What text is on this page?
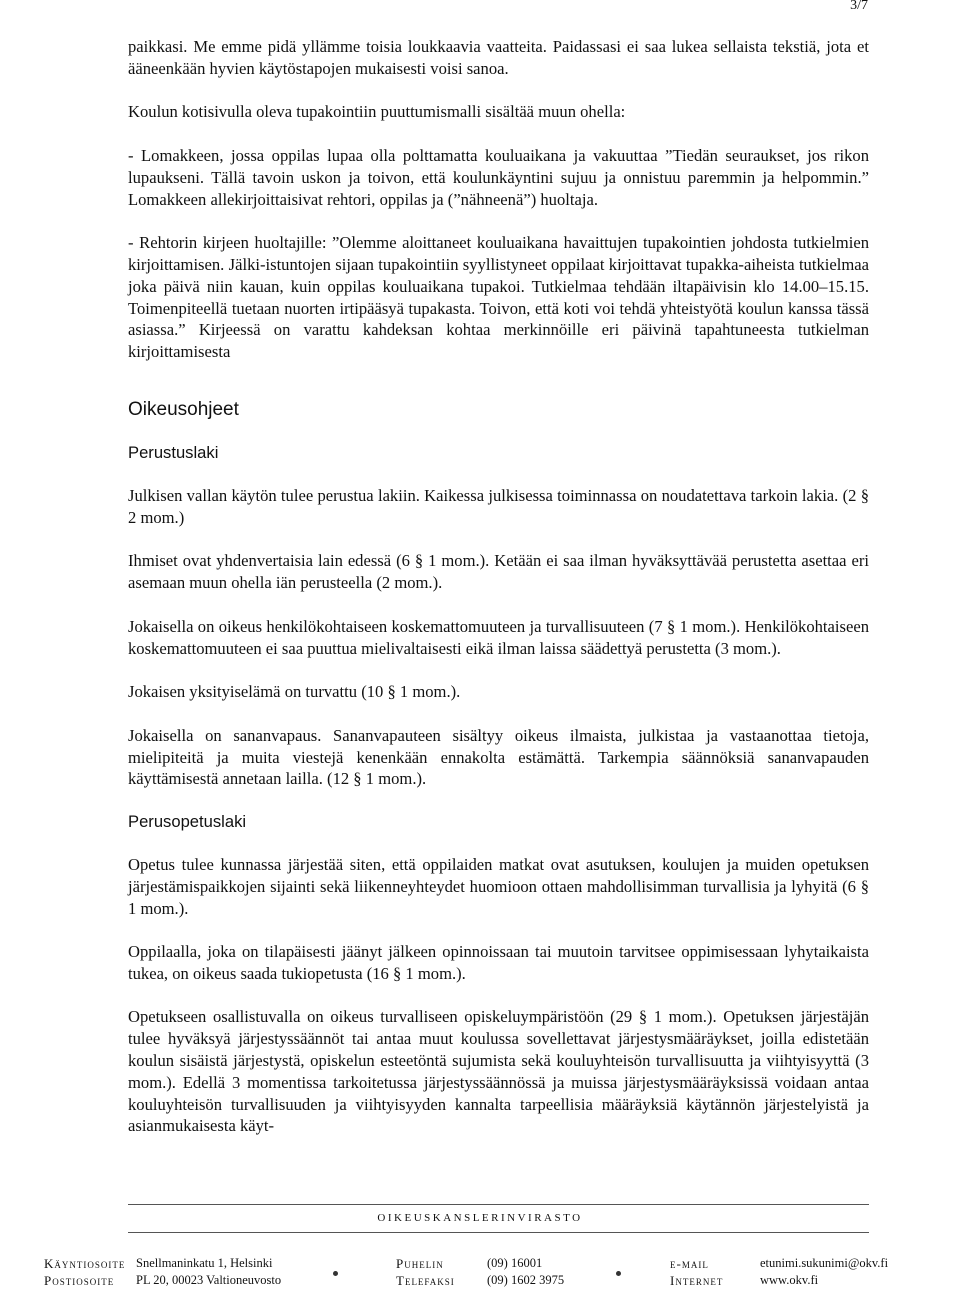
3/7

paikkasi. Me emme pidä yllämme toisia loukkaavia vaatteita. Paidassasi ei saa lukea sellaista tekstiä, jota et ääneenkään hyvien käytöstapojen mukaisesti voisi sanoa.

Koulun kotisivulla oleva tupakointiin puuttumismalli sisältää muun ohella:

- Lomakkeen, jossa oppilas lupaa olla polttamatta kouluaikana ja vakuuttaa ”Tiedän seuraukset, jos rikon lupaukseni. Tällä tavoin uskon ja toivon, että koulunkäyntini sujuu ja onnistuu paremmin ja helpommin.” Lomakkeen allekirjoittaisivat rehtori, oppilas ja (”nähneenä”) huoltaja.

- Rehtorin kirjeen huoltajille: ”Olemme aloittaneet kouluaikana havaittujen tupakointien johdosta tutkielmien kirjoittamisen. Jälki-istuntojen sijaan tupakointiin syyllistyneet oppilaat kirjoittavat tupakka-aiheista tutkielmaa joka päivä niin kauan, kuin oppilas kouluaikana tupakoi. Tutkielmaa tehdään iltapäivisin klo 14.00–15.15. Toimenpiteellä tuetaan nuorten irtipääsyä tupakasta. Toivon, että koti voi tehdä yhteistyötä koulun kanssa tässä asiassa.” Kirjeessä on varattu kahdeksan kohtaa merkinnöille eri päivinä tapahtuneesta tutkielman kirjoittamisesta

Oikeusohjeet
Perustuslaki

Julkisen vallan käytön tulee perustua lakiin. Kaikessa julkisessa toiminnassa on noudatettava tarkoin lakia. (2 § 2 mom.)

Ihmiset ovat yhdenvertaisia lain edessä (6 § 1 mom.). Ketään ei saa ilman hyväksyttävää perustetta asettaa eri asemaan muun ohella iän perusteella (2 mom.).

Jokaisella on oikeus henkilökohtaiseen koskemattomuuteen ja turvallisuuteen (7 § 1 mom.). Henkilökohtaiseen koskemattomuuteen ei saa puuttua mielivaltaisesti eikä ilman laissa säädettyä perustetta (3 mom.).

Jokaisen yksityiselämä on turvattu (10 § 1 mom.).

Jokaisella on sananvapaus. Sananvapauteen sisältyy oikeus ilmaista, julkistaa ja vastaanottaa tietoja, mielipiteitä ja muita viestejä kenenkään ennakolta estämättä. Tarkempia säännöksiä sananvapauden käyttämisestä annetaan lailla. (12 § 1 mom.).

Perusopetuslaki

Opetus tulee kunnassa järjestää siten, että oppilaiden matkat ovat asutuksen, koulujen ja muiden opetuksen järjestämispaikkojen sijainti sekä liikenneyhteydet huomioon ottaen mahdollisimman turvallisia ja lyhyitä (6 § 1 mom.).

Oppilaalla, joka on tilapäisesti jäänyt jälkeen opinnoissaan tai muutoin tarvitsee oppimisessaan lyhytaikaista tukea, on oikeus saada tukiopetusta (16 § 1 mom.).

Opetukseen osallistuvalla on oikeus turvalliseen opiskeluympäristöön (29 § 1 mom.). Opetuksen järjestäjän tulee hyväksyä järjestyssäännöt tai antaa muut koulussa sovellettavat järjestysmääräykset, joilla edistetään koulun sisäistä järjestystä, opiskelun esteetöntä sujumista sekä kouluyhteisön turvallisuutta ja viihtyisyyttä (3 mom.). Edellä 3 momentissa tarkoitetussa järjestyssäännössä ja muissa järjestysmääräyksissä voidaan antaa kouluyhteisön turvallisuuden ja viihtyisyyden kannalta tarpeellisia määräyksiä käytännön järjestelyistä ja asianmukaisesta käyt-

OIKEUSKANSLERINVIRASTO
Käyntiosoite Snellmaninkatu 1, Helsinki
Postiosoite PL 20, 00023 Valtioneuvosto
Puhelin	(09) 16001
Telefaksi	(09) 1602 3975
e-mail	etunimi.sukunimi@okv.fi
Internet	www.okv.fi
